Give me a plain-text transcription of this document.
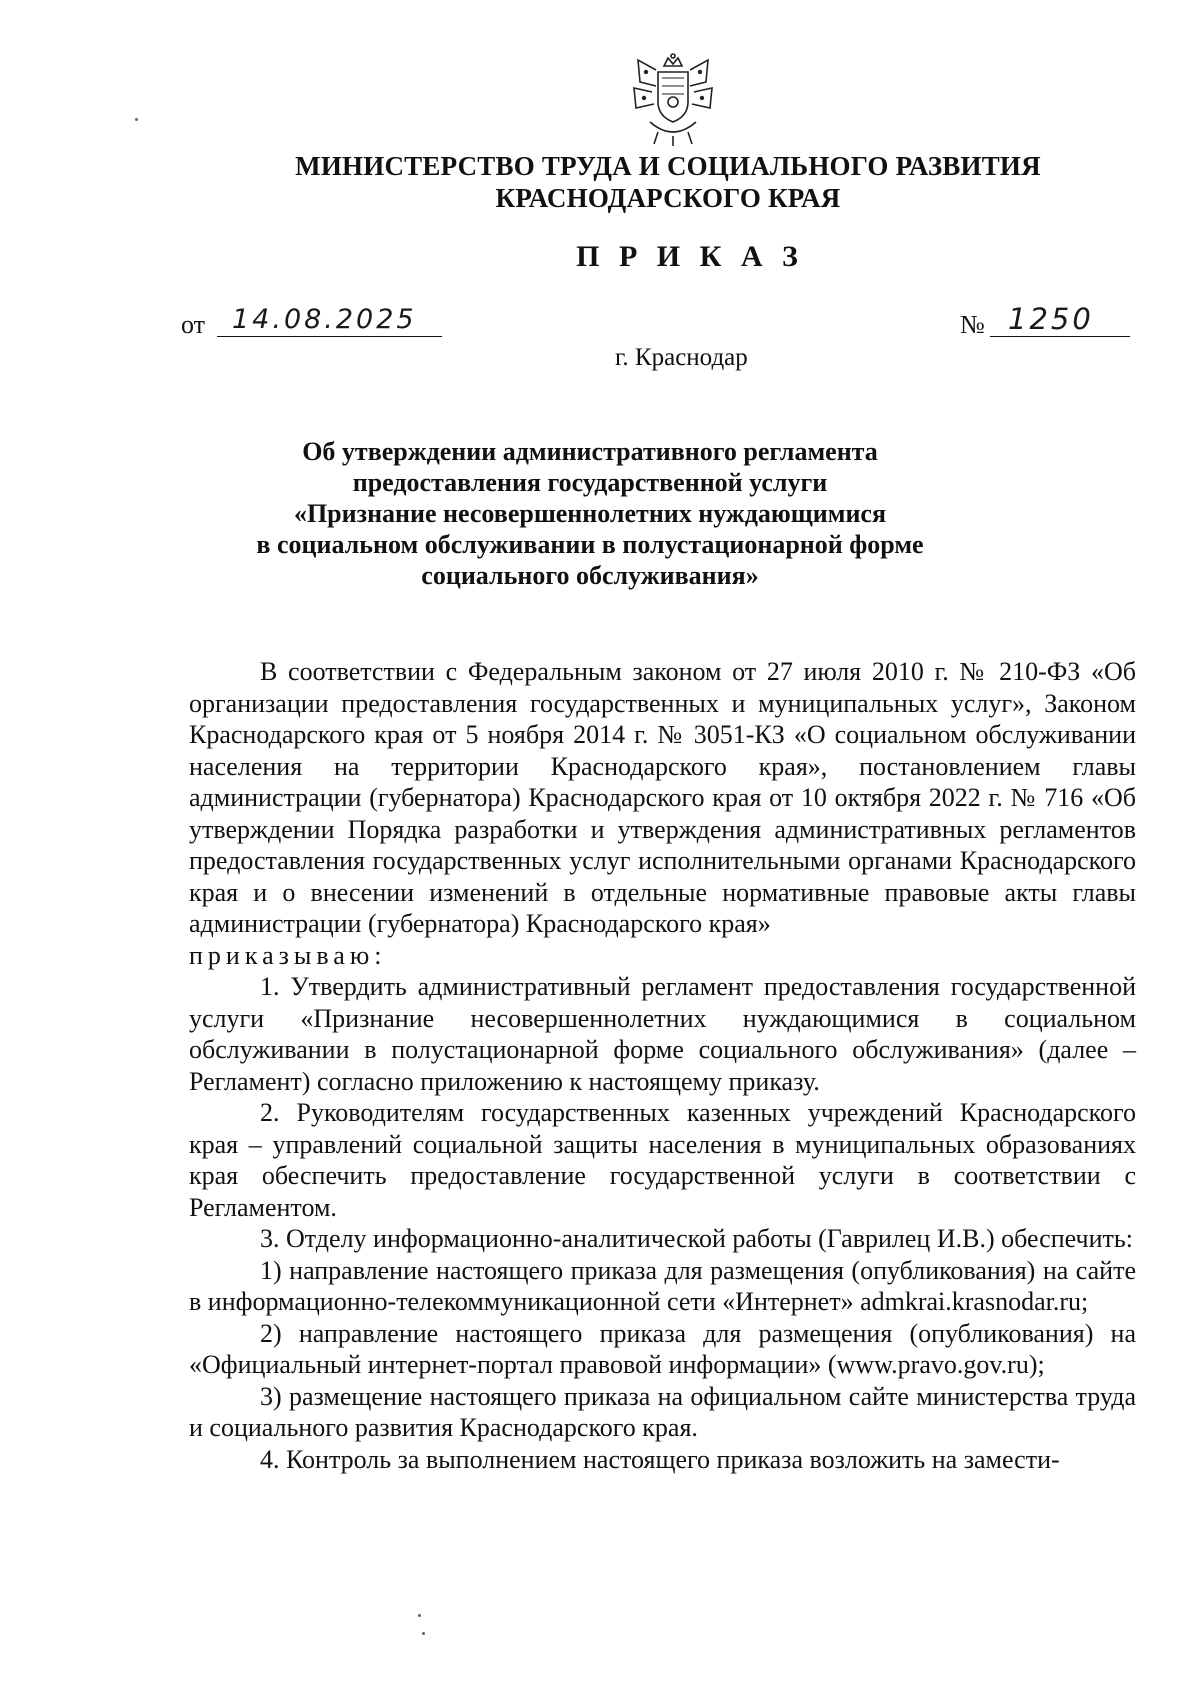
МИНИСТЕРСТВО ТРУДА И СОЦИАЛЬНОГО РАЗВИТИЯ
КРАСНОДАРСКОГО КРАЯ
П Р И К А З
от 14.08.2025	№ 1250
г. Краснодар
Об утверждении административного регламента
предоставления государственной услуги
«Признание несовершеннолетних нуждающимися
в социальном обслуживании в полустационарной форме
социального обслуживания»

В соответствии с Федеральным законом от 27 июля 2010 г. № 210-ФЗ «Об организации предоставления государственных и муниципальных услуг», Законом Краснодарского края от 5 ноября 2014 г. № 3051-КЗ «О социальном обслуживании населения на территории Краснодарского края», постановлением главы администрации (губернатора) Краснодарского края от 10 октября 2022 г. № 716 «Об утверждении Порядка разработки и утверждения административных регламентов предоставления государственных услуг исполнительными органами Краснодарского края и о внесении изменений в отдельные нормативные правовые акты главы администрации (губернатора) Краснодарского края»

приказываю:

1. Утвердить административный регламент предоставления государственной услуги «Признание несовершеннолетних нуждающимися в социальном обслуживании в полустационарной форме социального обслуживания» (далее – Регламент) согласно приложению к настоящему приказу.

2. Руководителям государственных казенных учреждений Краснодарского края – управлений социальной защиты населения в муниципальных образованиях края обеспечить предоставление государственной услуги в соответствии с Регламентом.

3. Отделу информационно-аналитической работы (Гаврилец И.В.) обеспечить:

1) направление настоящего приказа для размещения (опубликования) на сайте в информационно-телекоммуникационной сети «Интернет» admkrai.krasnodar.ru;

2) направление настоящего приказа для размещения (опубликования) на «Официальный интернет-портал правовой информации» (www.pravo.gov.ru);

3) размещение настоящего приказа на официальном сайте министерства труда и социального развития Краснодарского края.

4. Контроль за выполнением настоящего приказа возложить на замести-
